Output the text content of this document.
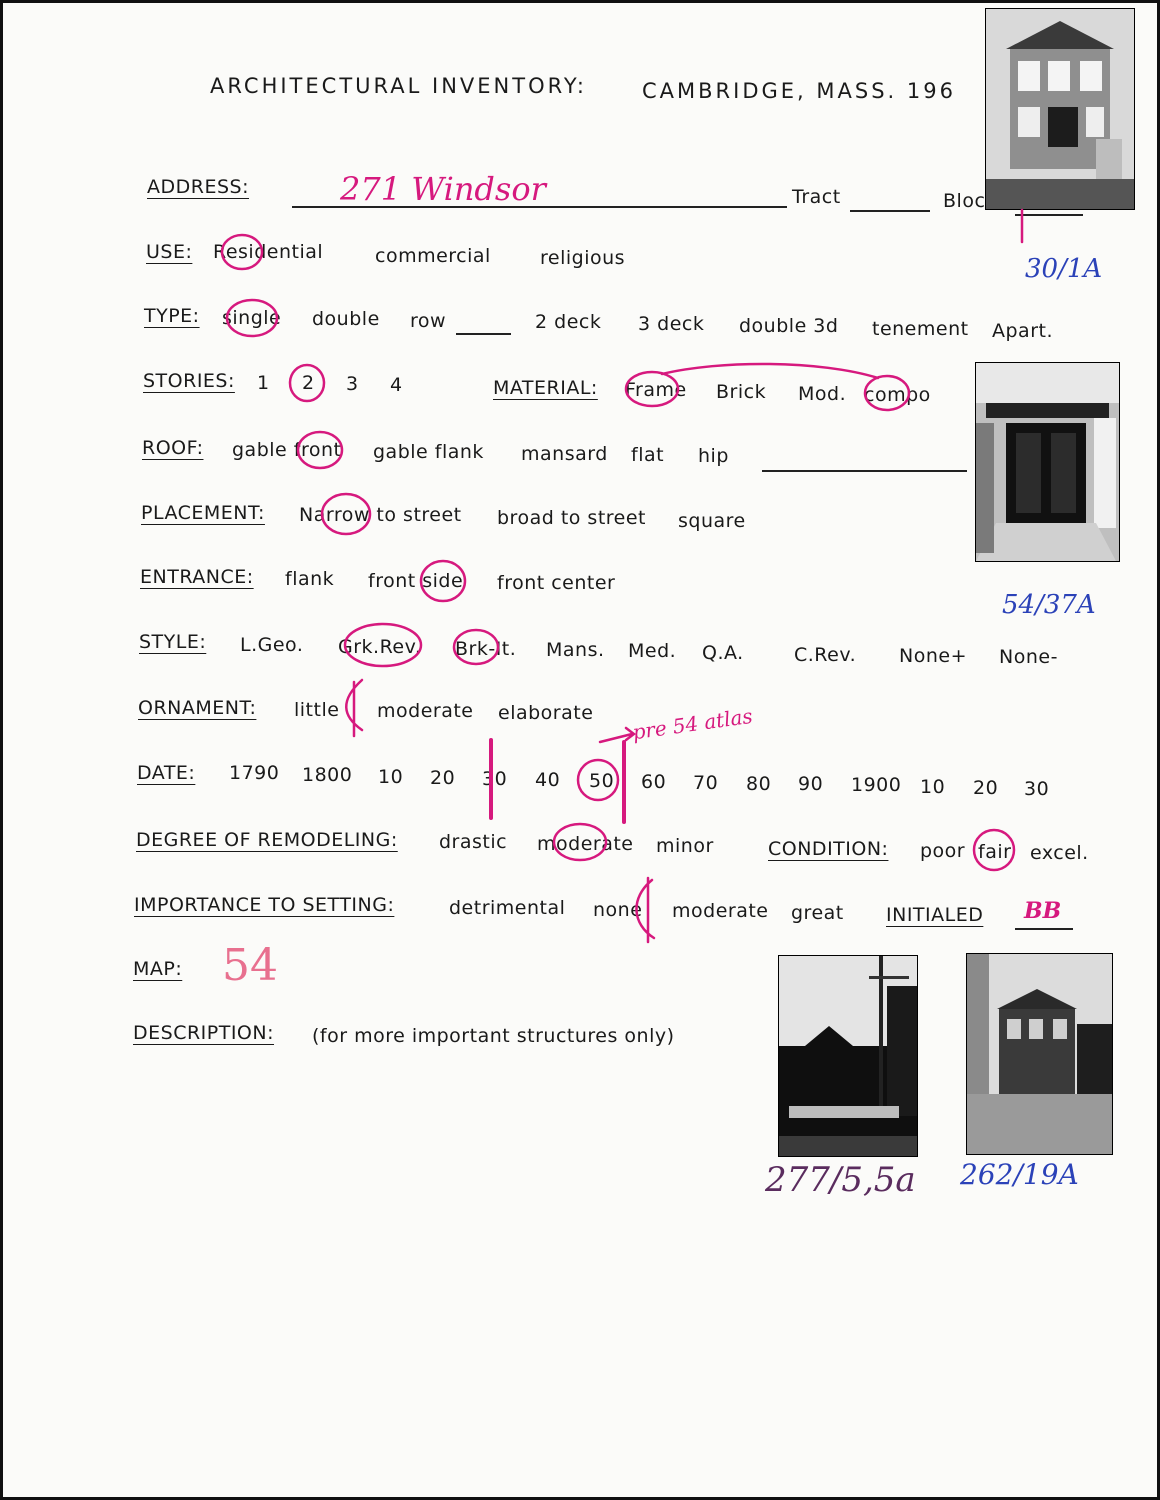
ARCHITECTURAL INVENTORY:	CAMBRIDGE, MASS. 196
ADDRESS:	271 Windsor	Tract	Bloc
30/1A
USE: Residential	commercial	religious
TYPE: single double row	2 deck 3 deck double 3d tenement Apart.
STORIES: 1 2 3 4	MATERIAL: Frame Brick Mod. compo
ROOF: gable front gable flank mansard flat hip
PLACEMENT: Narrow to street broad to street square
ENTRANCE: flank front side front center
54/37A
STYLE: L.Geo. Grk.Rev. Brk-It. Mans. Med. Q.A.	C.Rev. None+ None-
ORNAMENT: little moderate elaborate pre 54 atlas
DATE: 1790 1800 10 20 30 40 50 60 70 80 90 1900 10 20 30
DEGREE OF REMODELING: drastic moderate minor	CONDITION: poor fair excel.
IMPORTANCE TO SETTING:	detrimental none moderate great INITIALED BB
MAP: 54
DESCRIPTION: (for more important structures only)
277/5,5a 262/19A
